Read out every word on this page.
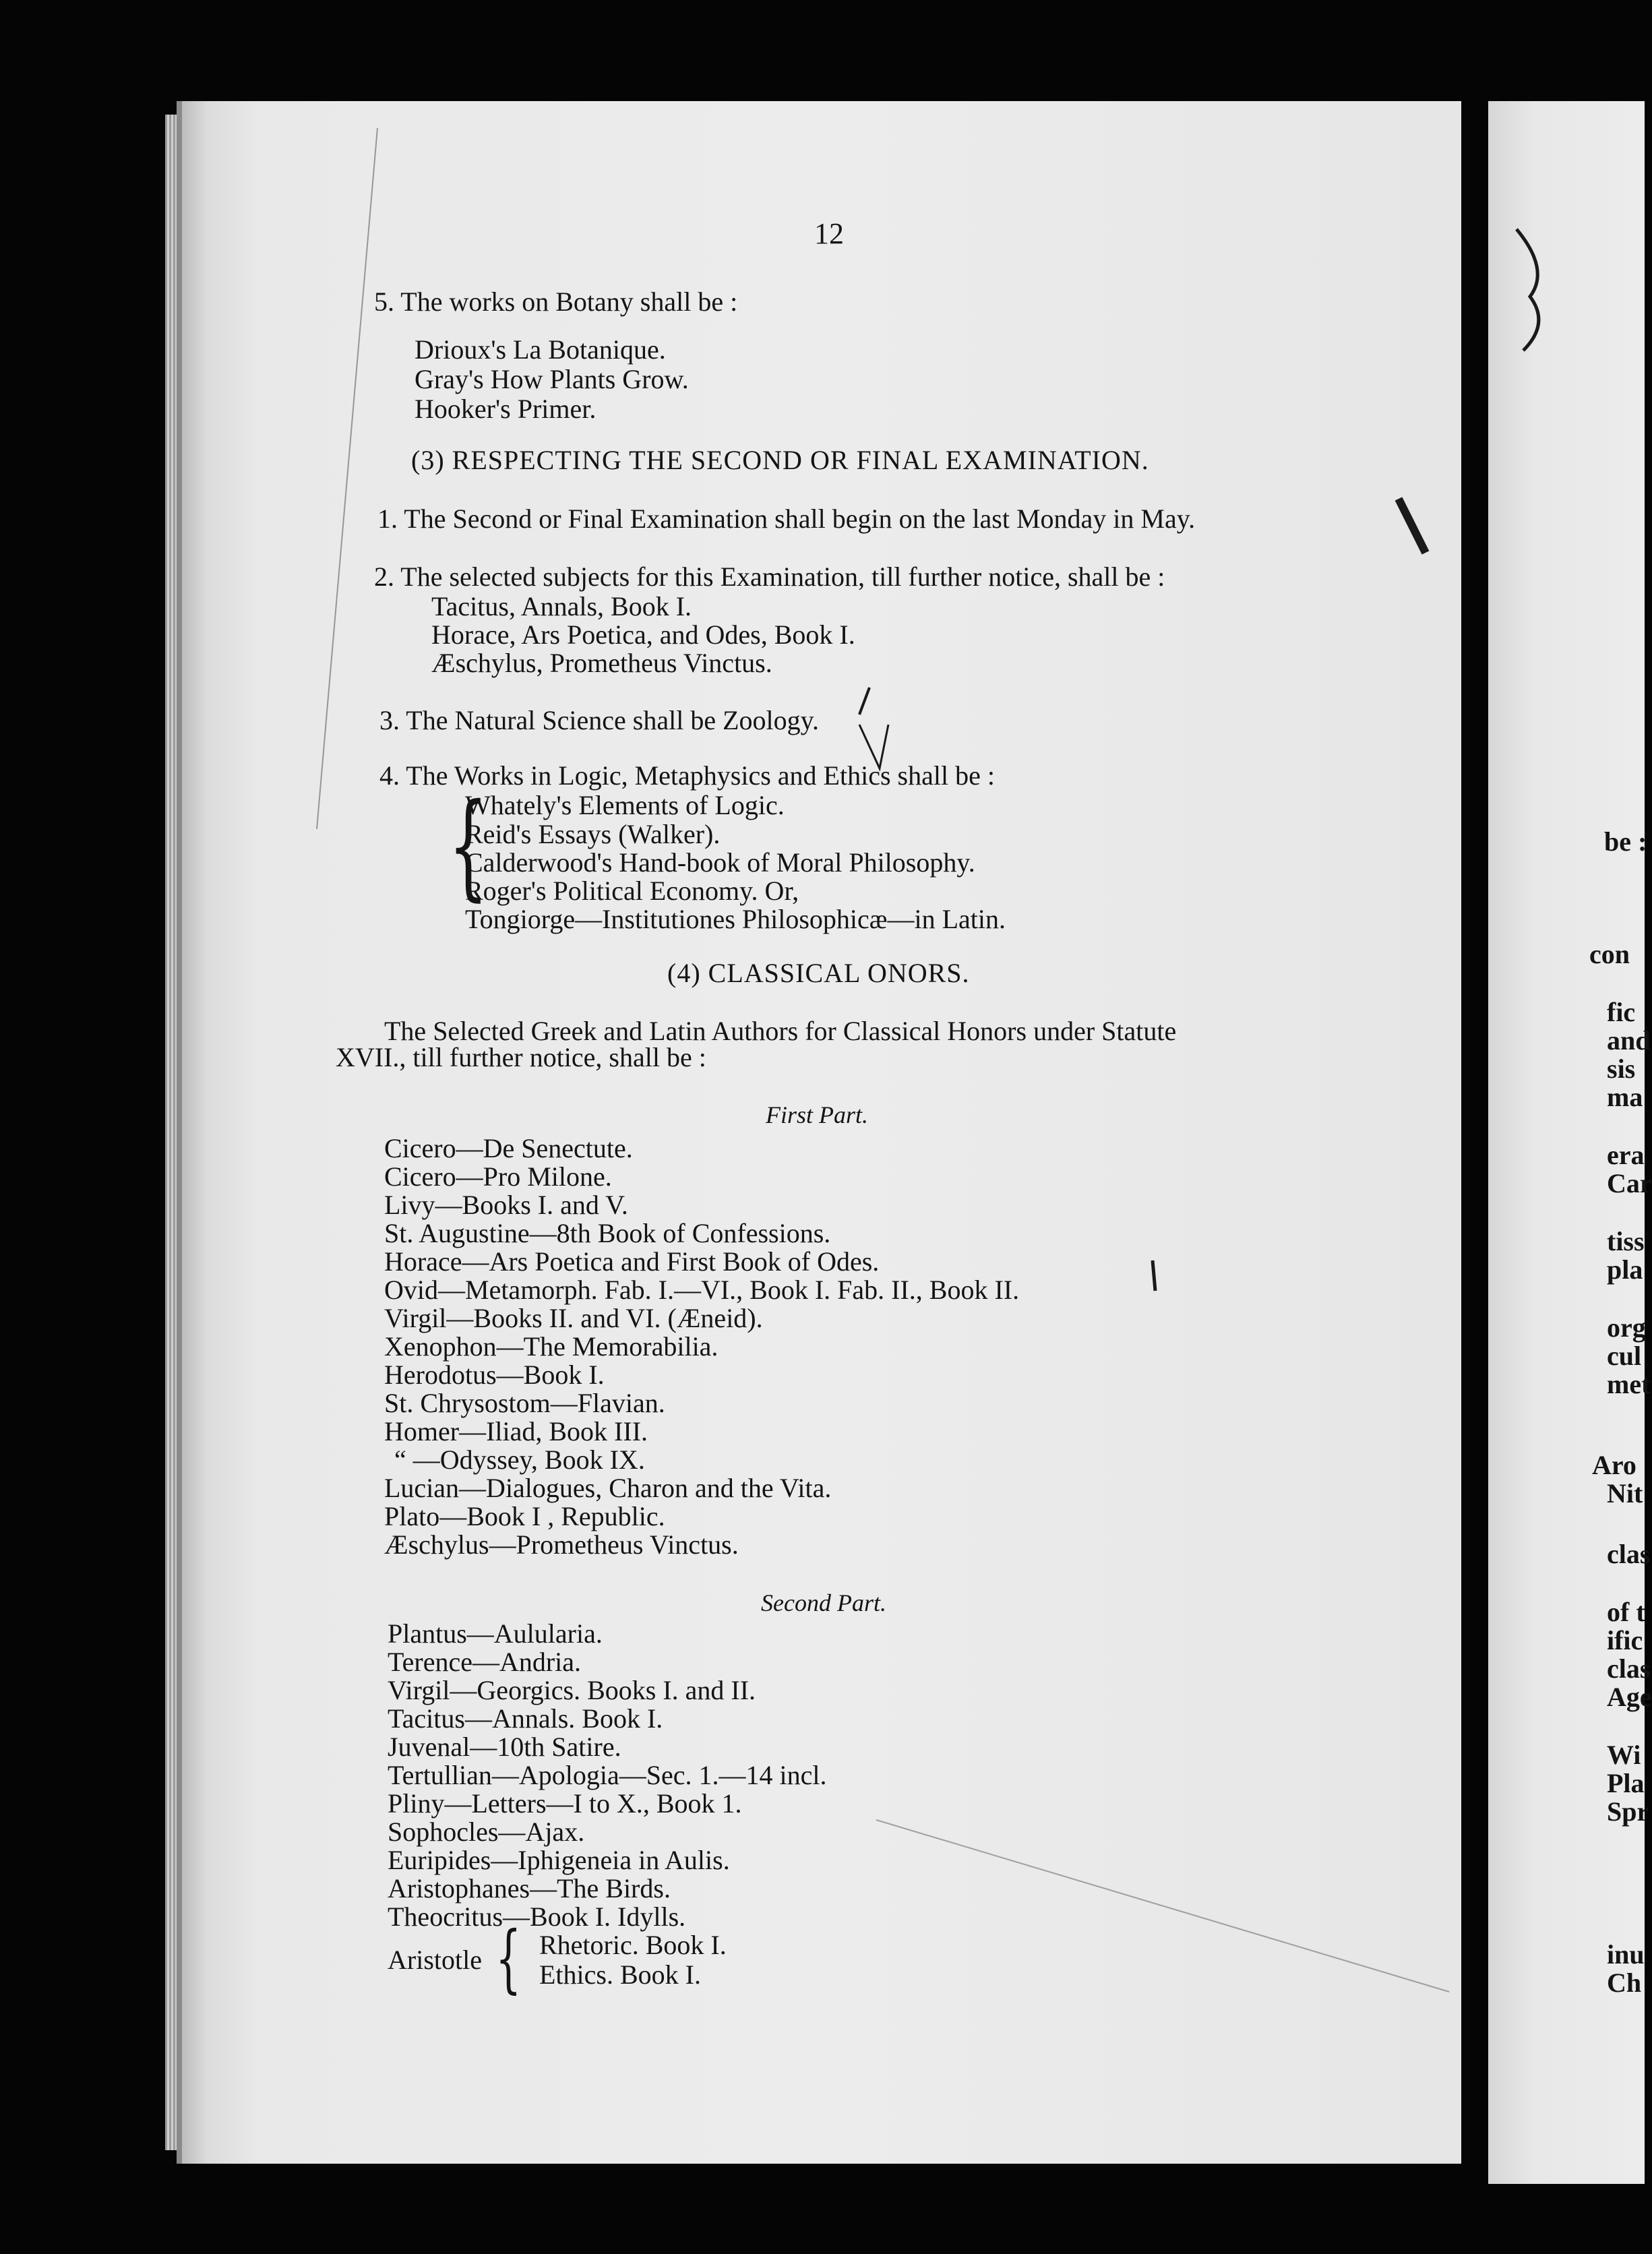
12
5. The works on Botany shall be :
Drioux's La Botanique.
Gray's How Plants Grow.
Hooker's Primer.
(3) RESPECTING THE SECOND OR FINAL EXAMINATION.
1. The Second or Final Examination shall begin on the last Monday in May.
2. The selected subjects for this Examination, till further notice, shall be :
Tacitus, Annals, Book I.
Horace, Ars Poetica, and Odes, Book I.
Æschylus, Prometheus Vinctus.
3. The Natural Science shall be Zoology.
4. The Works in Logic, Metaphysics and Ethics shall be :
{
Whately's Elements of Logic.
Reid's Essays (Walker).
Calderwood's Hand-book of Moral Philosophy.
Roger's Political Economy. Or,
Tongiorge—Institutiones Philosophicæ—in Latin.
(4) CLASSICAL ONORS.
The Selected Greek and Latin Authors for Classical Honors under Statute
XVII., till further notice, shall be :
First Part.
Cicero—De Senectute.
Cicero—Pro Milone.
Livy—Books I. and V.
St. Augustine—8th Book of Confessions.
Horace—Ars Poetica and First Book of Odes.
Ovid—Metamorph. Fab. I.—VI., Book I. Fab. II., Book II.
Virgil—Books II. and VI. (Æneid).
Xenophon—The Memorabilia.
Herodotus—Book I.
St. Chrysostom—Flavian.
Homer—Iliad, Book III.
“ —Odyssey, Book IX.
Lucian—Dialogues, Charon and the Vita.
Plato—Book I , Republic.
Æschylus—Prometheus Vinctus.
Second Part.
Plantus—Aulularia.
Terence—Andria.
Virgil—Georgics. Books I. and II.
Tacitus—Annals. Book I.
Juvenal—10th Satire.
Tertullian—Apologia—Sec. 1.—14 incl.
Pliny—Letters—I to X., Book 1.
Sophocles—Ajax.
Euripides—Iphigeneia in Aulis.
Aristophanes—The Birds.
Theocritus—Book I. Idylls.
Aristotle { Rhetoric. Book I.
Ethics. Book I.
be :
con
fic
and
sis
ma
era
Car
tiss
pla
org
cul
met
Aro
Nit
clas
of t
ific
clas
Age
Wi
Pla
Spr
inu
Ch
